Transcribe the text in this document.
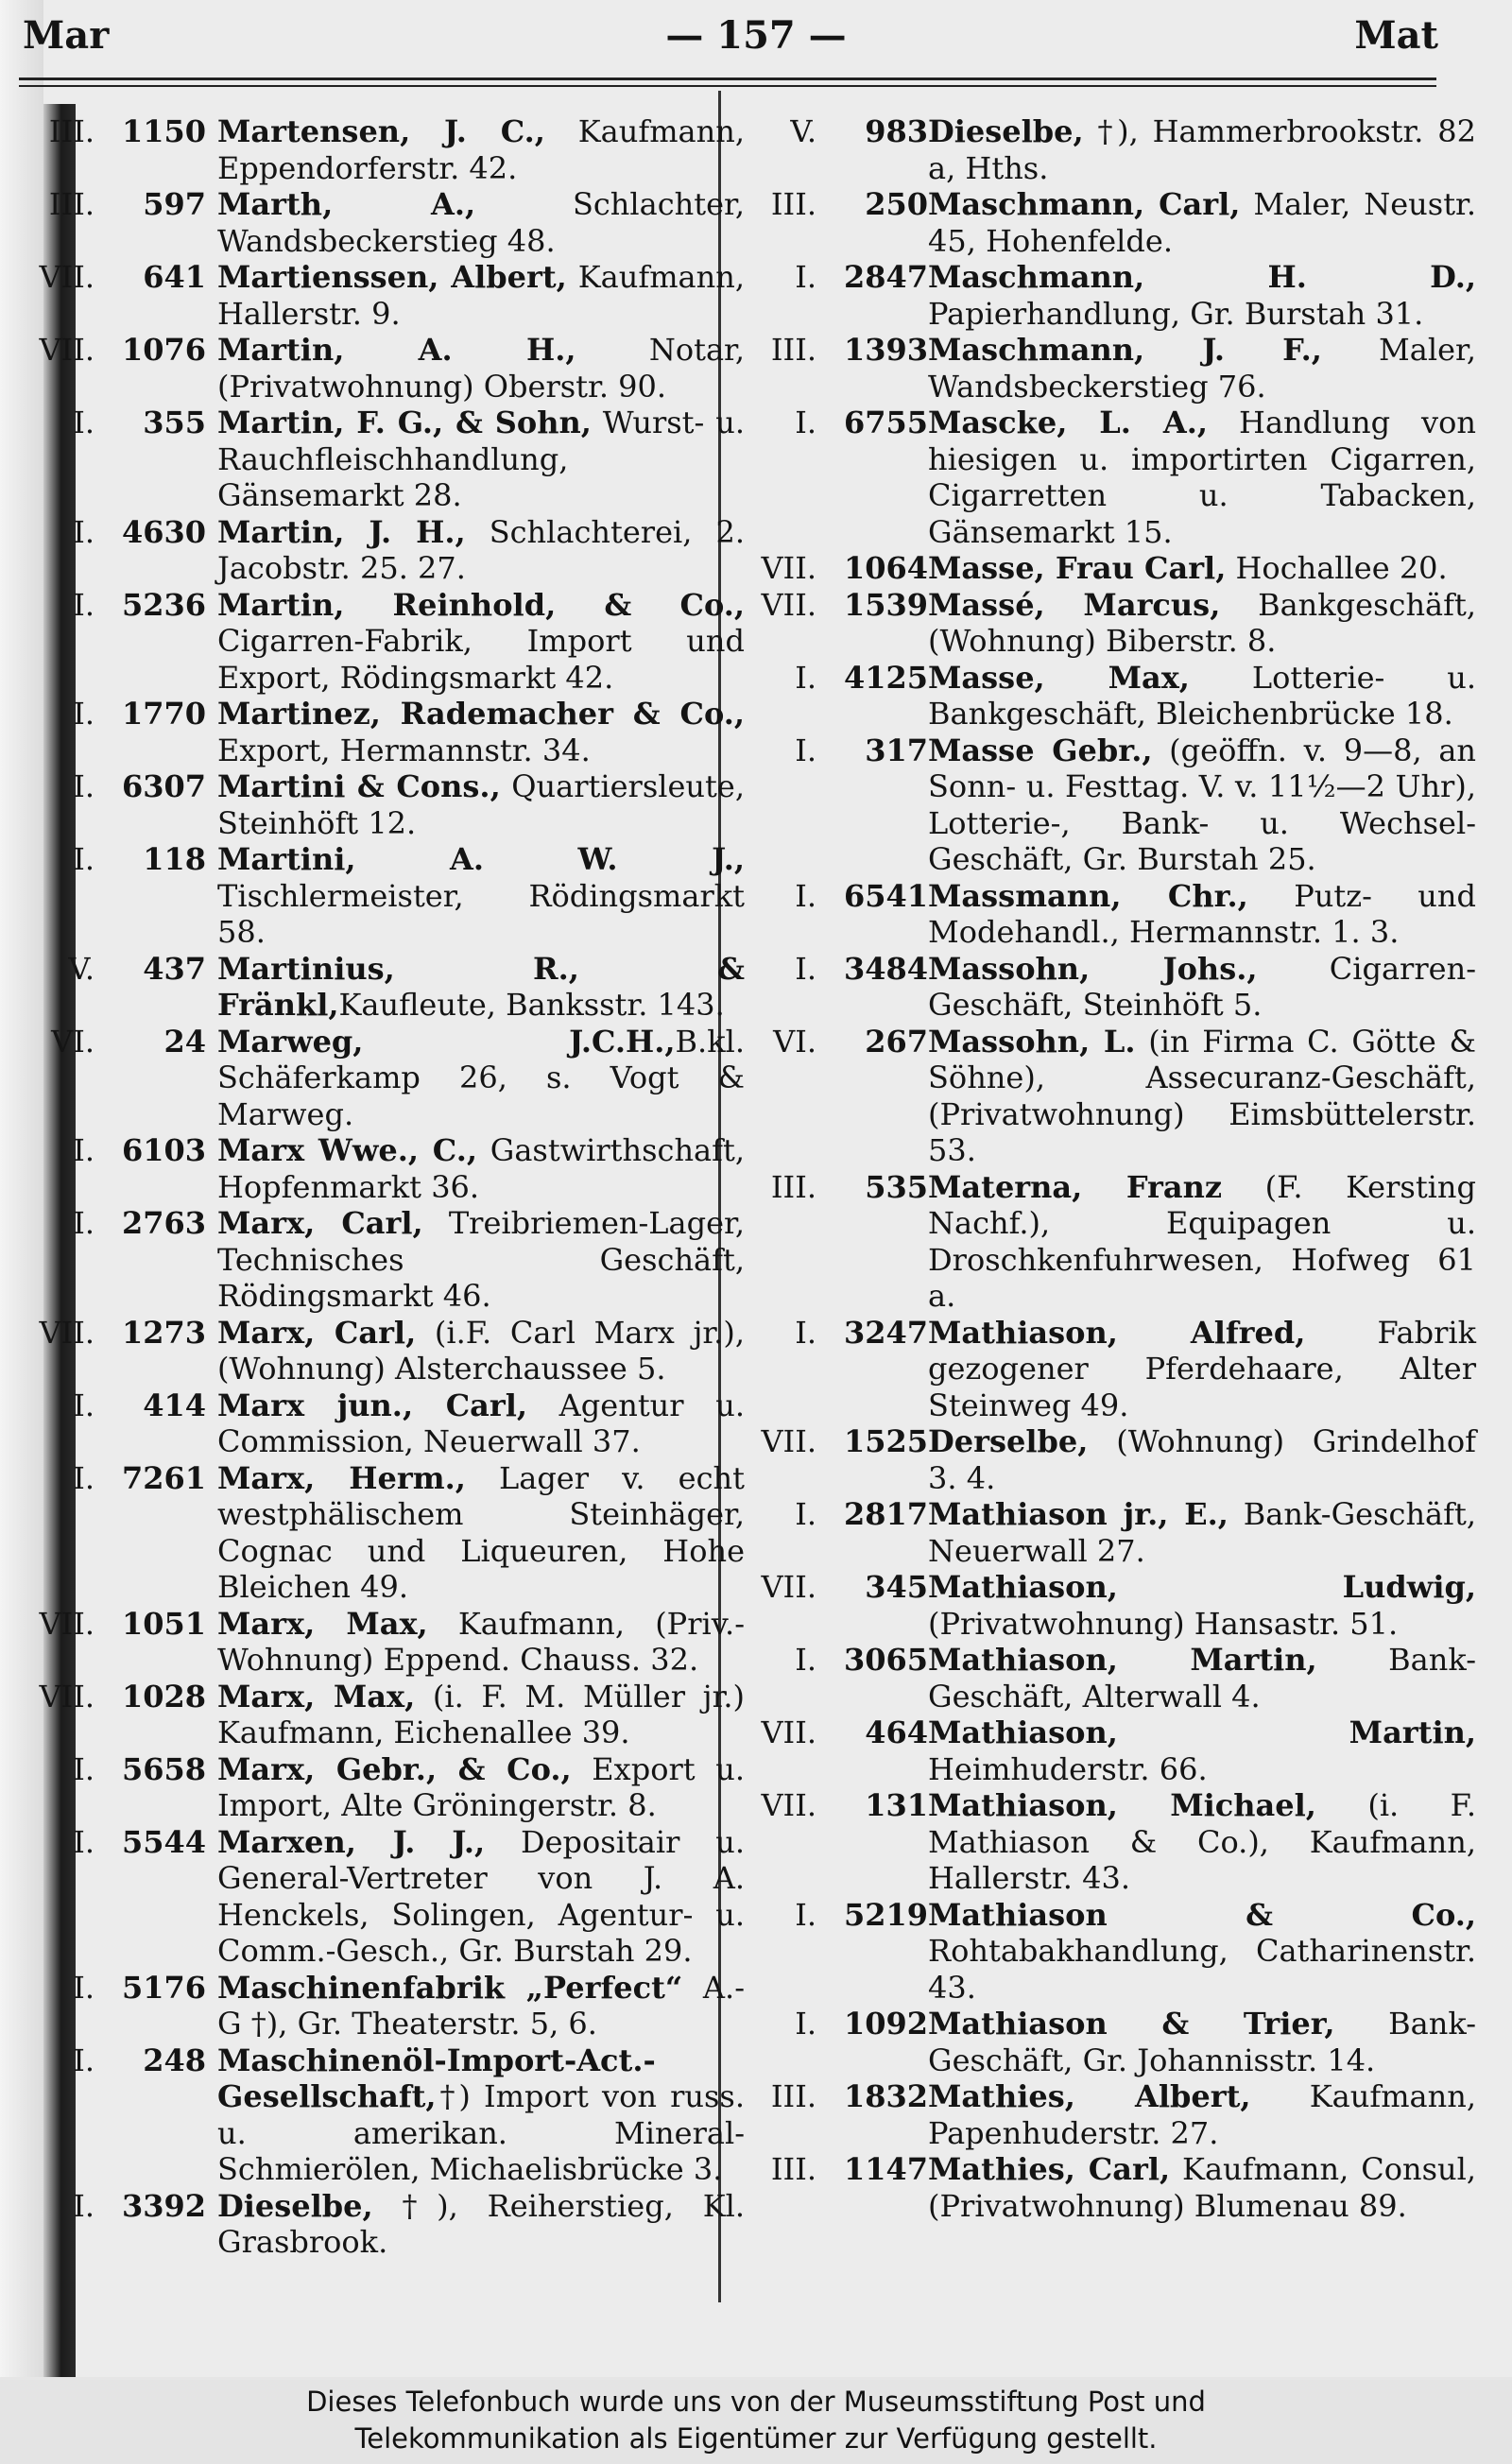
Mar	— 157 —	Mat
III. 1150 Martensen, J. C., Kaufmann, Eppendorferstr. 42.
III. 597 Marth, A., Schlachter, Wandsbeckerstieg 48.
VII. 641 Martienssen, Albert, Kaufmann, Hallerstr. 9.
VII. 1076 Martin, A. H., Notar, (Privatwohnung) Oberstr. 90.
I. 355 Martin, F. G., & Sohn, Wurst- u. Rauchfleischhandlung, Gänsemarkt 28.
I. 4630 Martin, J. H., Schlachterei, 2. Jacobstr. 25. 27.
I. 5236 Martin, Reinhold, & Co., Cigarren-Fabrik, Import und Export, Rödingsmarkt 42.
I. 1770 Martinez, Rademacher & Co., Export, Hermannstr. 34.
I. 6307 Martini & Cons., Quartiersleute, Steinhöft 12.
I. 118 Martini, A. W. J., Tischlermeister, Rödingsmarkt 58.
V. 437 Martinius, R., & Fränkl,Kaufleute, Banksstr. 143.
VI. 24 Marweg, J.C.H.,B.kl. Schäferkamp 26, s. Vogt & Marweg.
I. 6103 Marx Wwe., C., Gastwirthschaft, Hopfenmarkt 36.
I. 2763 Marx, Carl, Treibriemen-Lager, Technisches Geschäft, Rödingsmarkt 46.
VII. 1273 Marx, Carl, (i.F. Carl Marx jr.), (Wohnung) Alsterchaussee 5.
I. 414 Marx jun., Carl, Agentur u. Commission, Neuerwall 37.
I. 7261 Marx, Herm., Lager v. echt westphälischem Steinhäger, Cognac und Liqueuren, Hohe Bleichen 49.
VII. 1051 Marx, Max, Kaufmann, (Priv.-Wohnung) Eppend. Chauss. 32.
VII. 1028 Marx, Max, (i. F. M. Müller jr.) Kaufmann, Eichenallee 39.
I. 5658 Marx, Gebr., & Co., Export u. Import, Alte Gröningerstr. 8.
I. 5544 Marxen, J. J., Depositair u. General-Vertreter von J. A. Henckels, Solingen, Agentur- u. Comm.-Gesch., Gr. Burstah 29.
I. 5176 Maschinenfabrik „Perfect“ A.-G †), Gr. Theaterstr. 5, 6.
I. 248 Maschinenöl-Import-Act.-Gesellschaft,†) Import von russ. u. amerikan. Mineral-Schmierölen, Michaelisbrücke 3.
I. 3392 Dieselbe, †), Reiherstieg, Kl. Grasbrook.
V. 983 Dieselbe, †), Hammerbrookstr. 82 a, Hths.
III. 250 Maschmann, Carl, Maler, Neustr. 45, Hohenfelde.
I. 2847 Maschmann, H. D., Papierhandlung, Gr. Burstah 31.
III. 1393 Maschmann, J. F., Maler, Wandsbeckerstieg 76.
I. 6755 Mascke, L. A., Handlung von hiesigen u. importirten Cigarren, Cigarretten u. Tabacken, Gänsemarkt 15.
VII. 1064 Masse, Frau Carl, Hochallee 20.
VII. 1539 Massé, Marcus, Bankgeschäft, (Wohnung) Biberstr. 8.
I. 4125 Masse, Max, Lotterie- u. Bankgeschäft, Bleichenbrücke 18.
I. 317 Masse Gebr., (geöffn. v. 9—8, an Sonn- u. Festtag. V. v. 11½—2 Uhr), Lotterie-, Bank- u. Wechsel-Geschäft, Gr. Burstah 25.
I. 6541 Massmann, Chr., Putz- und Modehandl., Hermannstr. 1. 3.
I. 3484 Massohn, Johs., Cigarren-Geschäft, Steinhöft 5.
VI. 267 Massohn, L. (in Firma C. Götte & Söhne), Assecuranz-Geschäft, (Privatwohnung) Eimsbüttelerstr. 53.
III. 535 Materna, Franz (F. Kersting Nachf.), Equipagen u. Droschkenfuhrwesen, Hofweg 61 a.
I. 3247 Mathiason, Alfred, Fabrik gezogener Pferdehaare, Alter Steinweg 49.
VII. 1525 Derselbe, (Wohnung) Grindelhof 3. 4.
I. 2817 Mathiason jr., E., Bank-Geschäft, Neuerwall 27.
VII. 345 Mathiason, Ludwig, (Privatwohnung) Hansastr. 51.
I. 3065 Mathiason, Martin, Bank-Geschäft, Alterwall 4.
VII. 464 Mathiason, Martin, Heimhuderstr. 66.
VII. 131 Mathiason, Michael, (i. F. Mathiason & Co.), Kaufmann, Hallerstr. 43.
I. 5219 Mathiason & Co., Rohtabakhandlung, Catharinenstr. 43.
I. 1092 Mathiason & Trier, Bank-Geschäft, Gr. Johannisstr. 14.
III. 1832 Mathies, Albert, Kaufmann, Papenhuderstr. 27.
III. 1147 Mathies, Carl, Kaufmann, Consul, (Privatwohnung) Blumenau 89.
Dieses Telefonbuch wurde uns von der Museumsstiftung Post und
Telekommunikation als Eigentümer zur Verfügung gestellt.
